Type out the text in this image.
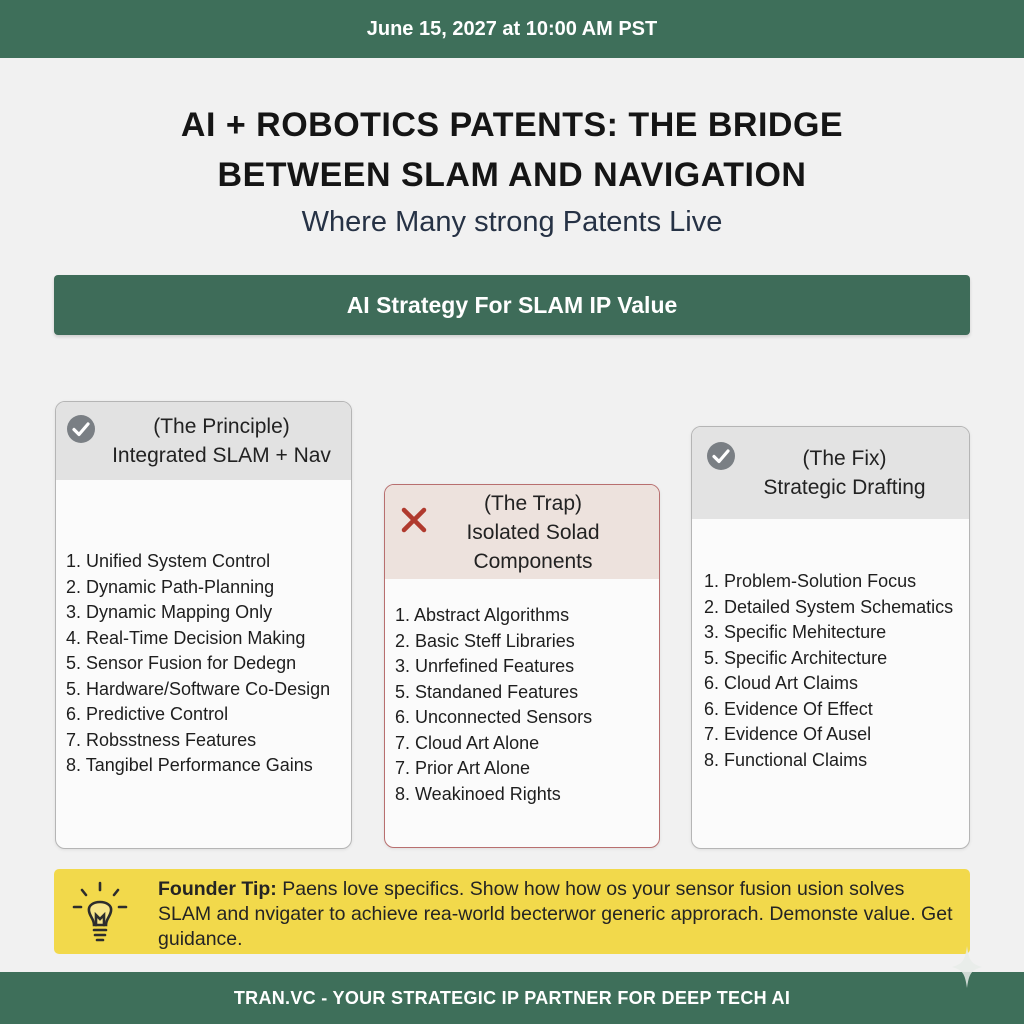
June 15, 2027 at 10:00 AM PST
AI + ROBOTICS PATENTS: THE BRIDGE
BETWEEN SLAM AND NAVIGATION
Where Many strong Patents Live
AI Strategy For SLAM IP Value
(The Principle)
Integrated SLAM + Nav
1. Unified System Control
2. Dynamic Path-Planning
3. Dynamic Mapping Only
4. Real-Time Decision Making
5. Sensor Fusion for Dedegn
5. Hardware/Software Co-Design
6. Predictive Control
7. Robsstness Features
8. Tangibel Performance Gains
(The Trap)
Isolated Solad
Components
1. Abstract Algorithms
2. Basic Steff Libraries
3. Unrfefined Features
5. Standaned Features
6. Unconnected Sensors
7. Cloud Art Alone
7. Prior Art Alone
8. Weakinoed Rights
(The Fix)
Strategic Drafting
1. Problem-Solution Focus
2. Detailed System Schematics
3. Specific Mehitecture
5. Specific Architecture
6. Cloud Art Claims
6. Evidence Of Effect
7. Evidence Of Ausel
8. Functional Claims
Founder Tip: Paens love specifics. Show how how os your sensor fusion usion solves SLAM and nvigater to achieve rea-world becterwor generic approrach. Demonste value. Get guidance.
TRAN.VC - YOUR STRATEGIC IP PARTNER FOR DEEP TECH AI
